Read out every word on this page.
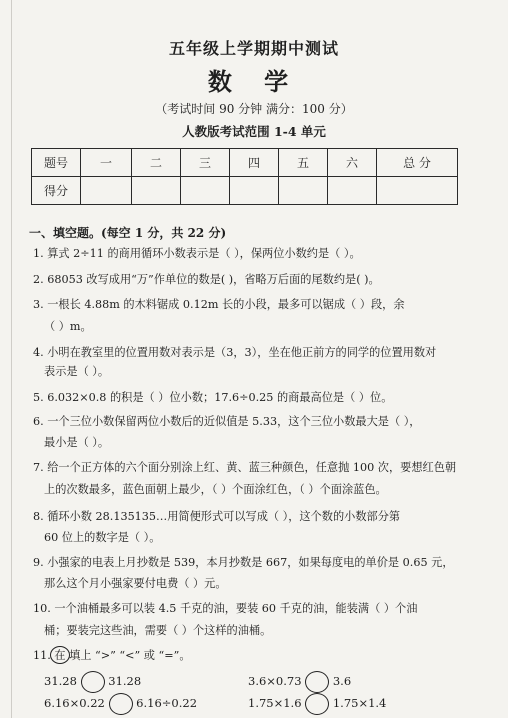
五年级上学期期中测试
数 学
（考试时间 90 分钟 满分：100 分）
人教版考试范围 1-4 单元
题号	一	二	三	四	五	六	总 分
得分							
一、填空题。(每空 1 分，共 22 分)
1. 算式 2÷11 的商用循环小数表示是（ ），保两位小数约是（ ）。
2. 68053 改写成用“万”作单位的数是( )，省略万后面的尾数约是( )。
3. 一根长 4.88m 的木料锯成 0.12m 长的小段，最多可以锯成（ ）段，余
（ ）m。
4. 小明在教室里的位置用数对表示是（3，3），坐在他正前方的同学的位置用数对
表示是（ ）。
5. 6.032×0.8 的积是（ ）位小数；17.6÷0.25 的商最高位是（ ）位。
6. 一个三位小数保留两位小数后的近似值是 5.33，这个三位小数最大是（ ），
最小是（ ）。
7. 给一个正方体的六个面分别涂上红、黄、蓝三种颜色，任意抛 100 次，要想红色朝
上的次数最多，蓝色面朝上最少，（ ）个面涂红色，（ ）个面涂蓝色。
8. 循环小数 28.135135…用简便形式可以写成（ ），这个数的小数部分第
60 位上的数字是（ ）。
9. 小强家的电表上月抄数是 539，本月抄数是 667，如果每度电的单价是 0.65 元，
那么这个月小强家要付电费（ ）元。
10. 一个油桶最多可以装 4.5 千克的油，要装 60 千克的油，能装满（ ）个油
桶；要装完这些油，需要（ ）个这样的油桶。
11. 在 填上 “>” “<” 或 “=”。
31.28	31.28	3.6×0.73	3.6
6.16×0.22	6.16÷0.22	1.75×1.6	1.75×1.4
